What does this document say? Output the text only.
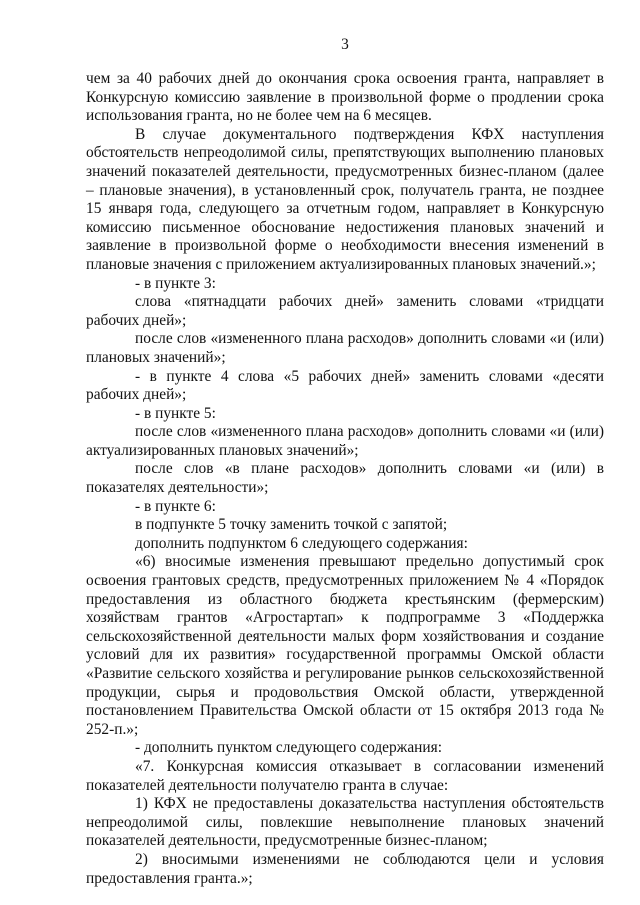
3

чем за 40 рабочих дней до окончания срока освоения гранта, направляет в Конкурсную комиссию заявление в произвольной форме о продлении срока использования гранта, но не более чем на 6 месяцев.

В случае документального подтверждения КФХ наступления обстоятельств непреодолимой силы, препятствующих выполнению плановых значений показателей деятельности, предусмотренных бизнес-планом (далее – плановые значения), в установленный срок, получатель гранта, не позднее 15 января года, следующего за отчетным годом, направляет в Конкурсную комиссию письменное обоснование недостижения плановых значений и заявление в произвольной форме о необходимости внесения изменений в плановые значения с приложением актуализированных плановых значений.»;

- в пункте 3:

слова «пятнадцати рабочих дней» заменить словами «тридцати рабочих дней»;

после слов «измененного плана расходов» дополнить словами «и (или) плановых значений»;

- в пункте 4 слова «5 рабочих дней» заменить словами «десяти рабочих дней»;

- в пункте 5:

после слов «измененного плана расходов» дополнить словами «и (или) актуализированных плановых значений»;

после слов «в плане расходов» дополнить словами «и (или) в показателях деятельности»;

- в пункте 6:

в подпункте 5 точку заменить точкой с запятой;

дополнить подпунктом 6 следующего содержания:

«6) вносимые изменения превышают предельно допустимый срок освоения грантовых средств, предусмотренных приложением № 4 «Порядок предоставления из областного бюджета крестьянским (фермерским) хозяйствам грантов «Агростартап» к подпрограмме 3 «Поддержка сельскохозяйственной деятельности малых форм хозяйствования и создание условий для их развития» государственной программы Омской области «Развитие сельского хозяйства и регулирование рынков сельскохозяйственной продукции, сырья и продовольствия Омской области, утвержденной постановлением Правительства Омской области от 15 октября 2013 года № 252-п.»;

- дополнить пунктом следующего содержания:

«7. Конкурсная комиссия отказывает в согласовании изменений показателей деятельности получателю гранта в случае:

1) КФХ не предоставлены доказательства наступления обстоятельств непреодолимой силы, повлекшие невыполнение плановых значений показателей деятельности, предусмотренные бизнес-планом;

2) вносимыми изменениями не соблюдаются цели и условия предоставления гранта.»;
